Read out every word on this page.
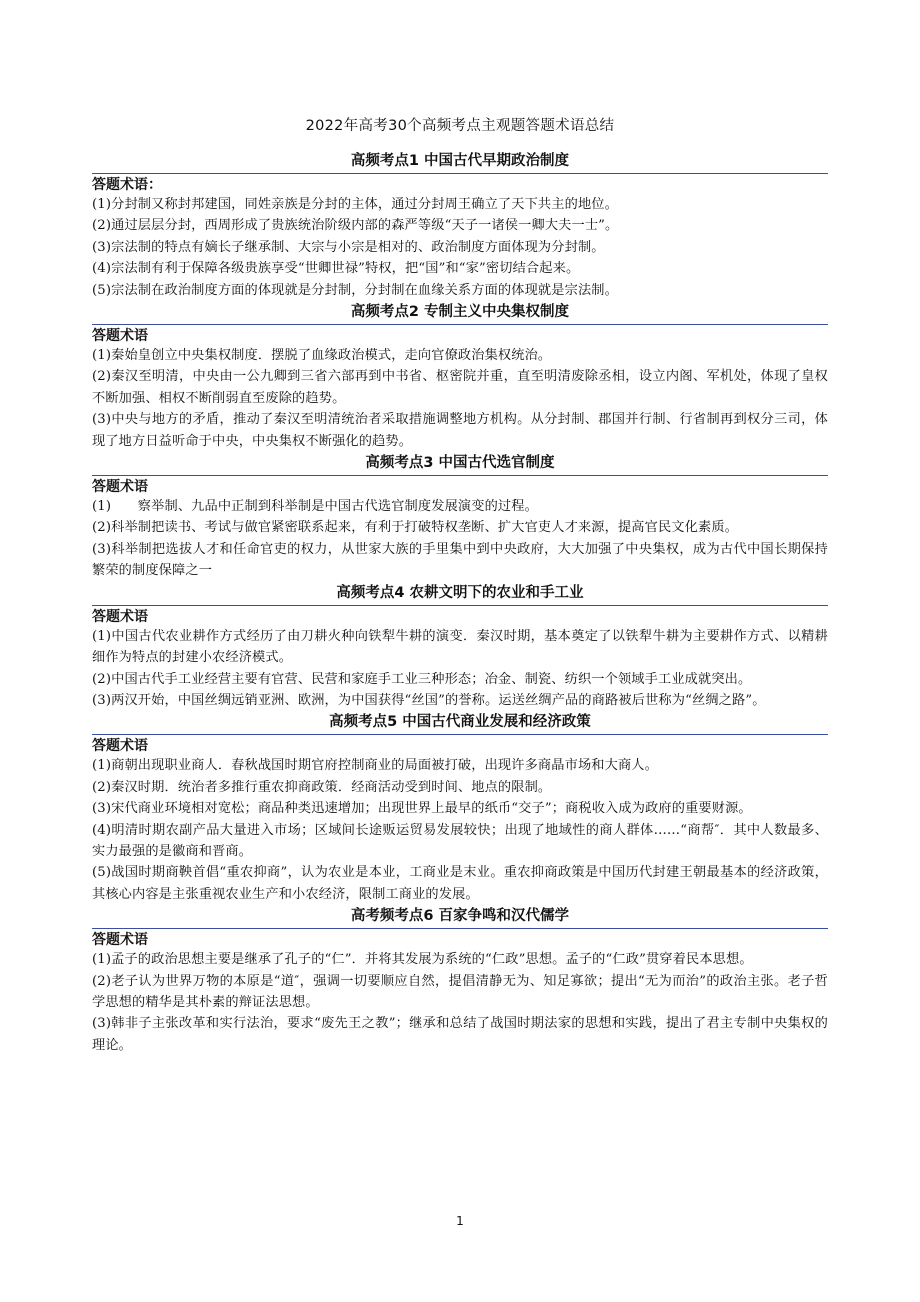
2022年高考30个高频考点主观题答题术语总结
高频考点1 中国古代早期政治制度
答题术语：
(1)分封制又称封邦建国，同姓亲族是分封的主体，通过分封周王确立了天下共主的地位。
(2)通过层层分封，西周形成了贵族统治阶级内部的森严等级“天子一诸侯一卿大夫一士”。
(3)宗法制的特点有嫡长子继承制、大宗与小宗是相对的、政治制度方面体现为分封制。
(4)宗法制有利于保障各级贵族享受“世卿世禄”特权，把“国”和“家”密切结合起来。
(5)宗法制在政治制度方面的体现就是分封制，分封制在血缘关系方面的体现就是宗法制。
高频考点2 专制主义中央集权制度
答题术语
(1)秦始皇创立中央集权制度．摆脱了血缘政治模式，走向官僚政治集权统治。
(2)秦汉至明清，中央由一公九卿到三省六部再到中书省、枢密院并重，直至明清废除丞相，设立内阁、军机处，体现了皇权不断加强、相权不断削弱直至废除的趋势。
(3)中央与地方的矛盾，推动了秦汉至明清统治者采取措施调整地方机构。从分封制、郡国并行制、行省制再到权分三司，体现了地方日益听命于中央，中央集权不断强化的趋势。
高频考点3 中国古代选官制度
答题术语
(1)　　察举制、九品中正制到科举制是中国古代选官制度发展演变的过程。
(2)科举制把读书、考试与做官紧密联系起来，有利于打破特权垄断、扩大官吏人才来源，提高官民文化素质。
(3)科举制把选拔人才和任命官吏的权力，从世家大族的手里集中到中央政府，大大加强了中央集权，成为古代中国长期保持繁荣的制度保障之一
高频考点4 农耕文明下的农业和手工业
答题术语
(1)中国古代农业耕作方式经历了由刀耕火种向铁犁牛耕的演变．秦汉时期，基本奠定了以铁犁牛耕为主要耕作方式、以精耕细作为特点的封建小农经济模式。
(2)中国古代手工业经营主要有官营、民营和家庭手工业三种形态；冶金、制瓷、纺织一个领域手工业成就突出。
(3)两汉开始，中国丝绸远销亚洲、欧洲，为中国获得“丝国”的誉称。运送丝绸产品的商路被后世称为“丝绸之路”。
高频考点5 中国古代商业发展和经济政策
答题术语
(1)商朝出现职业商人．春秋战国时期官府控制商业的局面被打破，出现许多商晶市场和大商人。
(2)秦汉时期．统治者多推行重农抑商政策．经商活动受到时间、地点的限制。
(3)宋代商业环境相对宽松；商品种类迅速增加；出现世界上最早的纸币“交子”；商税收入成为政府的重要财源。
(4)明清时期农副产品大量进入市场；区域间长途贩运贸易发展较快；出现了地域性的商人群体……“商帮″．其中人数最多、实力最强的是徽商和晋商。
(5)战国时期商鞅首倡“重农抑商”，认为农业是本业，工商业是末业。重农抑商政策是中国历代封建王朝最基本的经济政策，其核心内容是主张重视农业生产和小农经济，限制工商业的发展。
高考频考点6 百家争鸣和汉代儒学
答题术语
(1)孟子的政治思想主要是继承了孔子的“仁”．并将其发展为系统的“仁政”思想。孟子的“仁政”贯穿着民本思想。
(2)老子认为世界万物的本原是“道″，强调一切要顺应自然，提倡清静无为、知足寡欲；提出“无为而治”的政治主张。老子哲学思想的精华是其朴素的辩证法思想。
(3)韩非子主张改革和实行法治，要求“废先王之教”；继承和总结了战国时期法家的思想和实践，提出了君主专制中央集权的理论。
1
